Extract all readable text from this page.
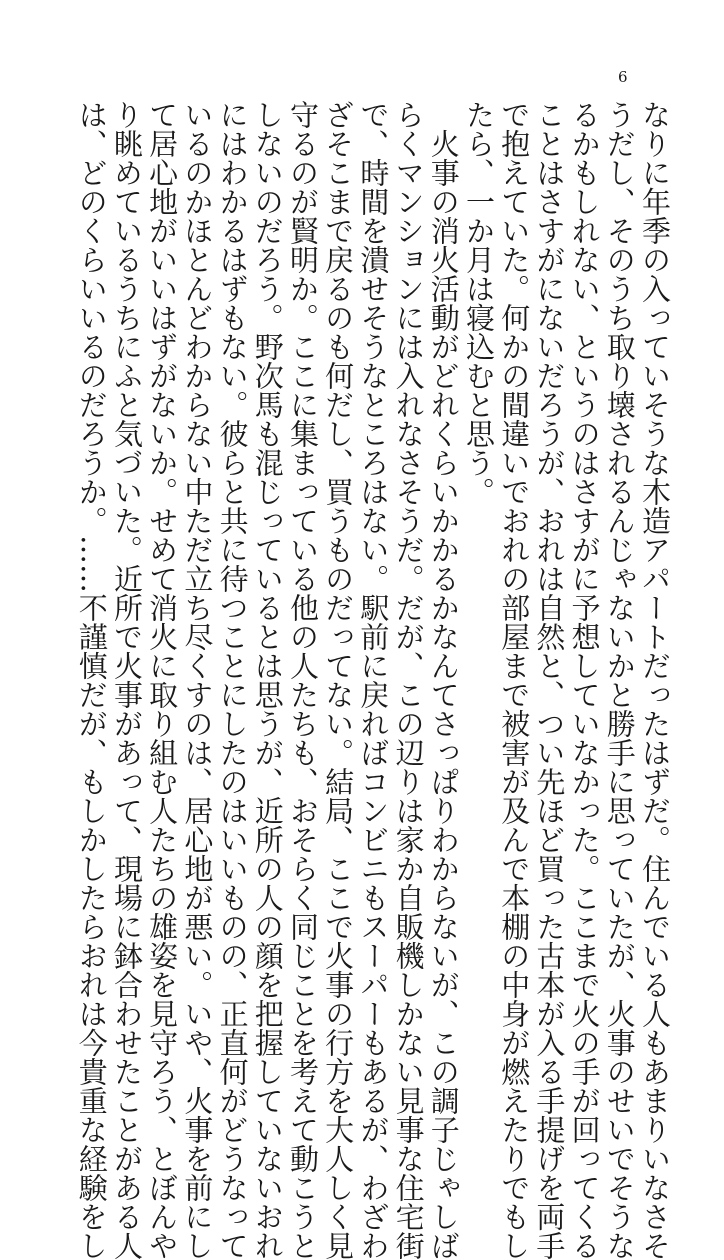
6

なりに年季の入っていそうな木造アパートだったはずだ。住んでいる人もあまりいなさそ

うだし、そのうち取り壊されるんじゃないかと勝手に思っていたが、火事のせいでそうな

るかもしれない、というのはさすがに予想していなかった。ここまで火の手が回ってくる

ことはさすがにないだろうが、おれは自然と、つい先ほど買った古本が入る手提げを両手

で抱えていた。何かの間違いでおれの部屋まで被害が及んで本棚の中身が燃えたりでもし

たら、一か月は寝込むと思う。

　火事の消火活動がどれくらいかかるかなんてさっぱりわからないが、この調子じゃしば

らくマンションには入れなさそうだ。だが、この辺りは家か自販機しかない見事な住宅街

で、時間を潰せそうなところはない。駅前に戻ればコンビニもスーパーもあるが、わざわ

ざそこまで戻るのも何だし、買うものだってない。結局、ここで火事の行方を大人しく見

守るのが賢明か。ここに集まっている他の人たちも、おそらく同じことを考えて動こうと

しないのだろう。野次馬も混じっているとは思うが、近所の人の顔を把握していないおれ

にはわかるはずもない。彼らと共に待つことにしたのはいいものの、正直何がどうなって

いるのかほとんどわからない中ただ立ち尽くすのは、居心地が悪い。いや、火事を前にし

て居心地がいいはずがないか。せめて消火に取り組む人たちの雄姿を見守ろう、とぼんや

り眺めているうちにふと気づいた。近所で火事があって、現場に鉢合わせたことがある人

は、どのくらいいるのだろうか。……不謹慎だが、もしかしたらおれは今貴重な経験をし
